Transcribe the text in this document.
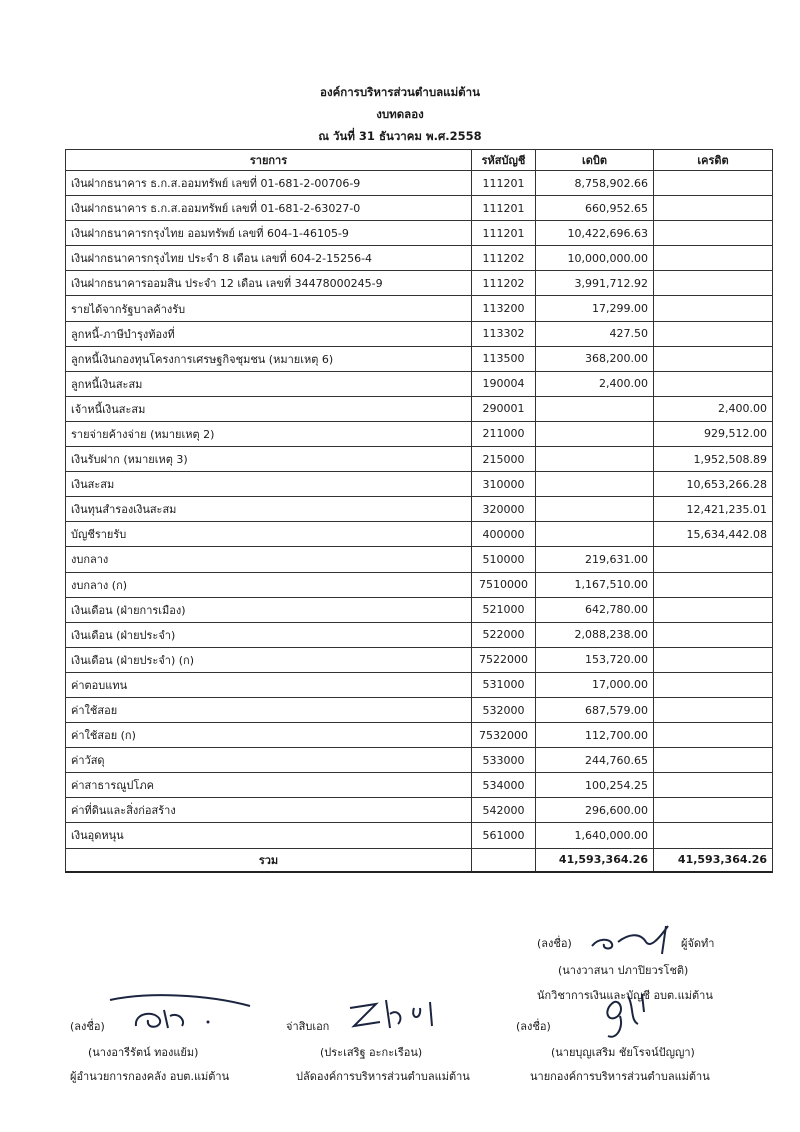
องค์การบริหารส่วนตำบลแม่ต้าน
งบทดลอง
ณ วันที่ 31 ธันวาคม พ.ศ.2558
รายการ	รหัสบัญชี	เดบิต	เครดิต
เงินฝากธนาคาร ธ.ก.ส.ออมทรัพย์ เลขที่ 01-681-2-00706-9	111201	8,758,902.66	
เงินฝากธนาคาร ธ.ก.ส.ออมทรัพย์ เลขที่ 01-681-2-63027-0	111201	660,952.65	
เงินฝากธนาคารกรุงไทย ออมทรัพย์ เลขที่ 604-1-46105-9	111201	10,422,696.63	
เงินฝากธนาคารกรุงไทย ประจำ 8 เดือน เลขที่ 604-2-15256-4	111202	10,000,000.00	
เงินฝากธนาคารออมสิน ประจำ 12 เดือน เลขที่ 34478000245-9	111202	3,991,712.92	
รายได้จากรัฐบาลค้างรับ	113200	17,299.00	
ลูกหนี้-ภาษีบำรุงท้องที่	113302	427.50	
ลูกหนี้เงินกองทุนโครงการเศรษฐกิจชุมชน (หมายเหตุ 6)	113500	368,200.00	
ลูกหนี้เงินสะสม	190004	2,400.00	
เจ้าหนี้เงินสะสม	290001		2,400.00
รายจ่ายค้างจ่าย (หมายเหตุ 2)	211000		929,512.00
เงินรับฝาก (หมายเหตุ 3)	215000		1,952,508.89
เงินสะสม	310000		10,653,266.28
เงินทุนสำรองเงินสะสม	320000		12,421,235.01
บัญชีรายรับ	400000		15,634,442.08
งบกลาง	510000	219,631.00	
งบกลาง (ก)	7510000	1,167,510.00	
เงินเดือน (ฝ่ายการเมือง)	521000	642,780.00	
เงินเดือน (ฝ่ายประจำ)	522000	2,088,238.00	
เงินเดือน (ฝ่ายประจำ) (ก)	7522000	153,720.00	
ค่าตอบแทน	531000	17,000.00	
ค่าใช้สอย	532000	687,579.00	
ค่าใช้สอย (ก)	7532000	112,700.00	
ค่าวัสดุ	533000	244,760.65	
ค่าสาธารณูปโภค	534000	100,254.25	
ค่าที่ดินและสิ่งก่อสร้าง	542000	296,600.00	
เงินอุดหนุน	561000	1,640,000.00	
รวม		41,593,364.26	41,593,364.26
(ลงชื่อ)	ผู้จัดทำ
(นางวาสนา ปภาปิยวรโชติ)
นักวิชาการเงินและบัญชี อบต.แม่ต้าน
(ลงชื่อ)
(นางอารีรัตน์ ทองแย้ม)
ผู้อำนวยการกองคลัง อบต.แม่ต้าน
จ่าสิบเอก
(ประเสริฐ อะกะเรือน)
ปลัดองค์การบริหารส่วนตำบลแม่ต้าน
(ลงชื่อ)
(นายบุญเสริม ชัยโรจน์ปัญญา)
นายกองค์การบริหารส่วนตำบลแม่ต้าน
